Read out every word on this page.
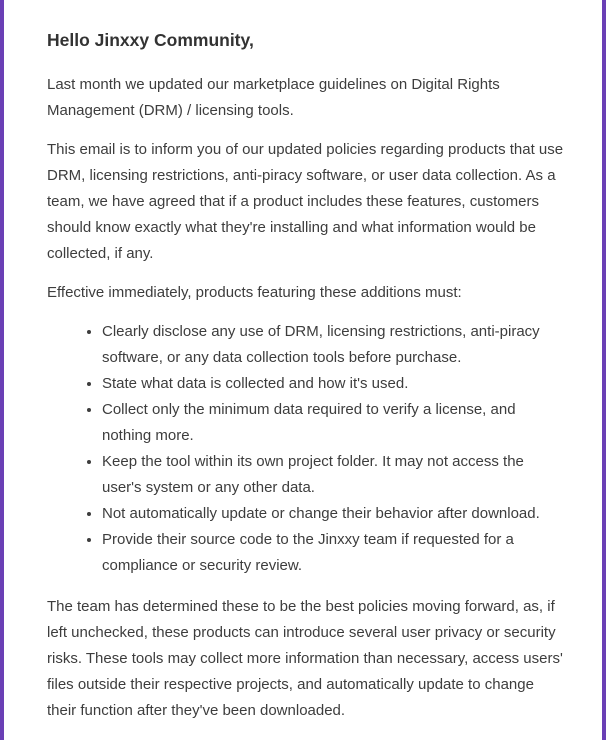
Hello Jinxxy Community,

Last month we updated our marketplace guidelines on Digital Rights Management (DRM) / licensing tools.

This email is to inform you of our updated policies regarding products that use DRM, licensing restrictions, anti-piracy software, or user data collection. As a team, we have agreed that if a product includes these features, customers should know exactly what they're installing and what information would be collected, if any.

Effective immediately, products featuring these additions must:

• Clearly disclose any use of DRM, licensing restrictions, anti-piracy software, or any data collection tools before purchase.
• State what data is collected and how it's used.
• Collect only the minimum data required to verify a license, and nothing more.
• Keep the tool within its own project folder. It may not access the user's system or any other data.
• Not automatically update or change their behavior after download.
• Provide their source code to the Jinxxy team if requested for a compliance or security review.

The team has determined these to be the best policies moving forward, as, if left unchecked, these products can introduce several user privacy or security risks. These tools may collect more information than necessary, access users' files outside their respective projects, and automatically update to change their function after they've been downloaded.
